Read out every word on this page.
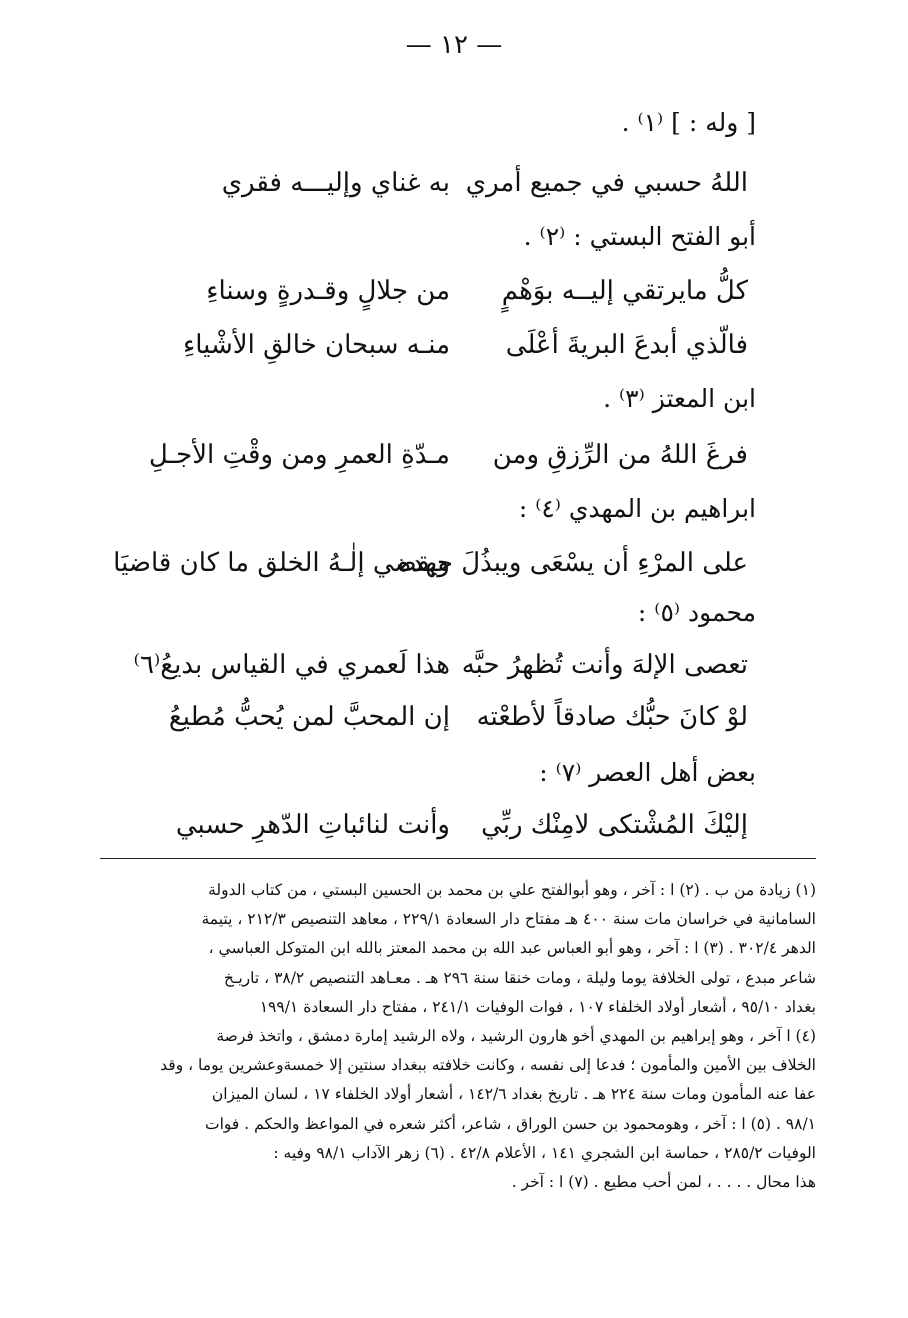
— ١٢ —
[ وله : ] ⁽١⁾ .
اللهُ حسبي في جميع أمري
به غناي وإليـــه فقري
أبو الفتح البستي : ⁽٢⁾ .
كلُّ مايرتقي إليــه بوَهْمٍ
من جلالٍ وقـدرةٍ وسناءِ
فالّذي أبدعَ البريةَ أعْلَى
منـه سبحان خالقِ الأشْياءِ
ابن المعتز ⁽٣⁾ .
فرغَ اللهُ من الرِّزقِ ومن
مـدّةِ العمرِ ومن وقْتِ الأجـلِ
ابراهيم بن المهدي ⁽٤⁾ :
على المرْءِ أن يسْعَى ويبذُلَ جهده
ويقضي إلٰـهُ الخلق ما كان قاضيَا
محمود ⁽٥⁾ :
تعصى الإلهَ وأنت تُظهرُ حبَّه
هذا لَعمري في القياس بديعُ⁽٦⁾
لوْ كانَ حبُّك صادقاً لأطعْته
إن المحبَّ لمن يُحبُّ مُطيعُ
بعض أهل العصر ⁽٧⁾ :
إليْكَ المُشْتكى لامِنْك ربِّي
وأنت لنائباتِ الدّهرِ حسبي
(١) زيادة من ب . (٢) ا : آخر ، وهو أبوالفتح علي بن محمد بن الحسين البستي ، من كتاب الدولة
السامانية في خراسان مات سنة ٤٠٠ هـ مفتاح دار السعادة ٢٢٩/١ ، معاهد التنصيص ٢١٢/٣ ، يتيمة
الدهر ٣٠٢/٤ . (٣) ا : آخر ، وهو أبو العباس عبد الله بن محمد المعتز بالله ابن المتوكل العباسي ،
شاعر مبدع ، تولى الخلافة يوما وليلة ، ومات خنقا سنة ٢٩٦ هـ . معـاهد التنصيص ٣٨/٢ ، تاريـخ
بغداد ٩٥/١٠ ، أشعار أولاد الخلفاء ١٠٧ ، فوات الوفيات ٢٤١/١ ، مفتاح دار السعادة ١٩٩/١
(٤) ا آخر ، وهو إبراهيم بن المهدي أخو هارون الرشيد ، ولاه الرشيد إمارة دمشق ، واتخذ فرصة
الخلاف بين الأمين والمأمون ؛ فدعا إلى نفسه ، وكانت خلافته ببغداد سنتين إلا خمسةوعشرين يوما ، وقد
عفا عنه المأمون ومات سنة ٢٢٤ هـ . تاريخ بغداد ١٤٢/٦ ، أشعار أولاد الخلفاء ١٧ ، لسان الميزان
٩٨/١ . (٥) ا : آخر ، وهومحمود بن حسن الوراق ، شاعر، أكثر شعره في المواعظ والحكم . فوات
الوفيات ٢٨٥/٢ ، حماسة ابن الشجري ١٤١ ، الأعلام ٤٢/٨ . (٦) زهر الآداب ٩٨/١ وفيه :
هذا محال . . . . ، لمن أحب مطيع . (٧) ا : آخر .
